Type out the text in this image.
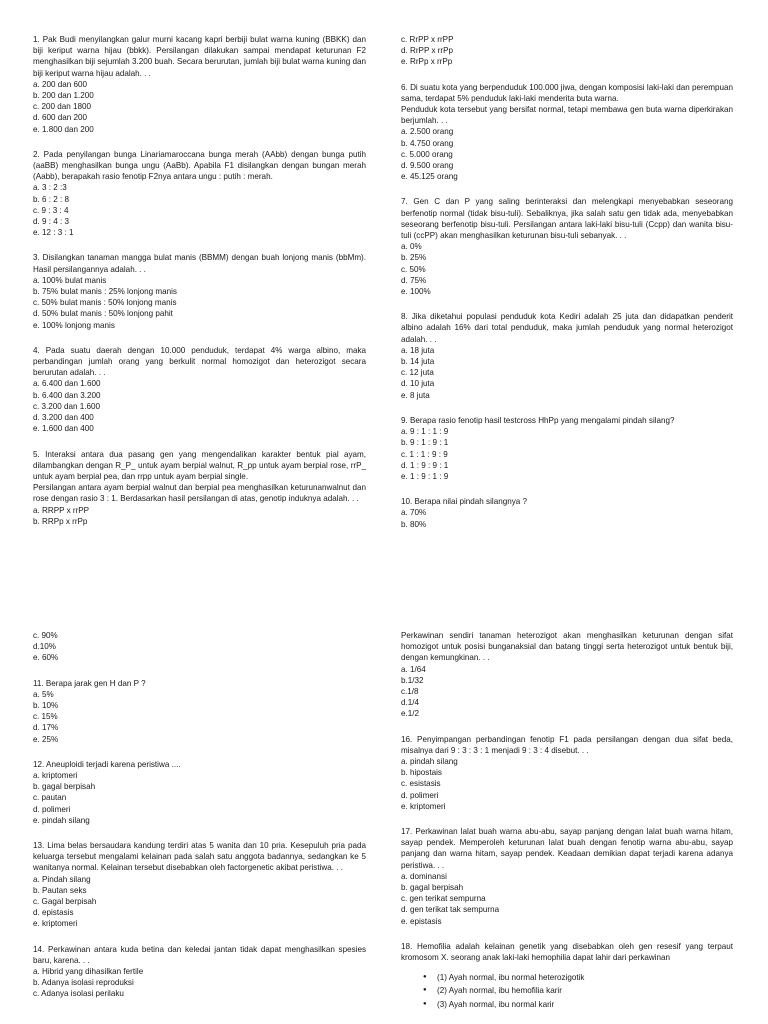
1. Pak Budi menyilangkan galur murni kacang kapri berbiji bulat warna kuning (BBKK) dan biji keriput warna hijau (bbkk). Persilangan dilakukan sampai mendapat keturunan F2 menghasilkan biji sejumlah 3.200 buah. Secara berurutan, jumlah biji bulat warna kuning dan biji keriput warna hijau adalah. . .
a. 200 dan 600
b. 200 dan 1.200
c. 200 dan 1800
d. 600 dan 200
e. 1.800 dan 200
2. Pada penyilangan bunga Linariamaroccana bunga merah (AAbb) dengan bunga putih (aaBB) menghasilkan bunga ungu (AaBb). Apabila F1 disilangkan dengan bungan merah (Aabb), berapakah rasio fenotip F2nya antara ungu : putih : merah.
a. 3 : 2 :3
b. 6 : 2 : 8
c. 9 : 3 : 4
d. 9 : 4 : 3
e. 12 : 3 : 1
3. Disilangkan tanaman mangga bulat manis (BBMM) dengan buah lonjong manis (bbMm). Hasil persilangannya adalah. . .
a. 100% bulat manis
b. 75% bulat manis : 25% lonjong manis
c. 50% bulat manis : 50% lonjong manis
d. 50% bulat manis : 50% lonjong pahit
e. 100% lonjong manis
4. Pada suatu daerah dengan 10.000 penduduk, terdapat 4% warga albino, maka perbandingan jumlah orang yang berkulit normal homozigot dan heterozigot secara berurutan adalah. . .
a. 6.400 dan 1.600
b. 6.400 dan 3.200
c. 3.200 dan 1.600
d. 3.200 dan 400
e. 1.600 dan 400
5. Interaksi antara dua pasang gen yang mengendalikan karakter bentuk pial ayam, dilambangkan dengan R_P_ untuk ayam berpial walnut, R_pp untuk ayam berpial rose, rrP_ untuk ayam berpial pea, dan rrpp untuk ayam berpial single.
Persilangan antara ayam berpial walnut dan berpial pea menghasilkan keturunanwalnut dan rose dengan rasio 3 : 1. Berdasarkan hasil persilangan di atas, genotip induknya adalah. . .
a. RRPP x rrPP
b. RRPp x rrPp
c. RrPP x rrPP
d. RrPP x rrPp
e. RrPp x rrPp
6. Di suatu kota yang berpenduduk 100.000 jiwa, dengan komposisi laki-laki dan perempuan sama, terdapat 5% penduduk laki-laki menderita buta warna.
Penduduk kota tersebut yang bersifat normal, tetapi membawa gen buta warna diperkirakan berjumlah. . .
a. 2.500 orang
b. 4.750 orang
c. 5.000 orang
d. 9.500 orang
e. 45.125 orang
7. Gen C dan P yang saling berinteraksi dan melengkapi menyebabkan seseorang berfenotip normal (tidak bisu-tuli). Sebaliknya, jika salah satu gen tidak ada, menyebabkan seseorang berfenotip bisu-tuli. Persilangan antara laki-laki bisu-tuli (Ccpp) dan wanita bisu-tuli (ccPP) akan menghasilkan keturunan bisu-tuli sebanyak. . .
a. 0%
b. 25%
c. 50%
d. 75%
e. 100%
8. Jika diketahui populasi penduduk kota Kediri adalah 25 juta dan didapatkan penderit albino adalah 16% dari total penduduk, maka jumlah penduduk yang normal heterozigot adalah. . .
a. 18 juta
b. 14 juta
c. 12 juta
d. 10 juta
e. 8 juta
9. Berapa rasio fenotip hasil testcross HhPp yang mengalami pindah silang?
a. 9 : 1 : 1 : 9
b. 9 : 1 : 9 : 1
c. 1 : 1 : 9 : 9
d. 1 : 9 : 9 : 1
e. 1 : 9 : 1 : 9
10. Berapa nilai pindah silangnya ?
a. 70%
b. 80%
c. 90%
d.10%
e. 60%
11. Berapa jarak gen H dan P ?
a. 5%
b. 10%
c. 15%
d. 17%
e. 25%
12. Aneuploidi terjadi karena peristiwa ....
a. kriptomeri
b. gagal berpisah
c. pautan
d. polimeri
e. pindah silang
13. Lima belas bersaudara kandung terdiri atas 5 wanita dan 10 pria. Kesepuluh pria pada keluarga tersebut mengalami kelainan pada salah satu anggota badannya, sedangkan ke 5 wanitanya normal. Kelainan tersebut disebabkan oleh factorgenetic akibat peristiwa. . .
a. Pindah silang
b. Pautan seks
c. Gagal berpisah
d. epistasis
e. kriptomeri
14. Perkawinan antara kuda betina dan keledai jantan tidak dapat menghasilkan spesies baru, karena. . .
a. Hibrid yang dihasilkan fertile
b. Adanya isolasi reproduksi
c. Adanya isolasi perilaku
Perkawinan sendiri tanaman heterozigot akan menghasilkan keturunan dengan sifat homozigot untuk posisi bunganaksial dan batang tinggi serta heterozigot untuk bentuk biji, dengan kemungkinan. . .
a. 1/64
b.1/32
c.1/8
d.1/4
e.1/2
16. Penyimpangan perbandingan fenotip F1 pada persilangan dengan dua sifat beda, misalnya dari 9 : 3 : 3 : 1 menjadi 9 : 3 : 4 disebut. . .
a. pindah silang
b. hipostais
c. esistasis
d. polimeri
e. kriptomeri
17. Perkawinan lalat buah warna abu-abu, sayap panjang dengan lalat buah warna hitam, sayap pendek. Memperoleh keturunan lalat buah dengan fenotip warna abu-abu, sayap panjang dan warna hitam, sayap pendek. Keadaan demikian dapat terjadi karena adanya peristiwa. . .
a. dominansi
b. gagal berpisah
c. gen terikat sempurna
d. gen terikat tak sempurna
e. epistasis
18. Hemofilia adalah kelainan genetik yang disebabkan oleh gen resesif yang terpaut kromosom X. seorang anak laki-laki hemophilia dapat lahir dari perkawinan
● (1) Ayah normal, ibu normal heterozigotik
● (2) Ayah normal, ibu hemofilia karir
● (3) Ayah normal, ibu normal karir
